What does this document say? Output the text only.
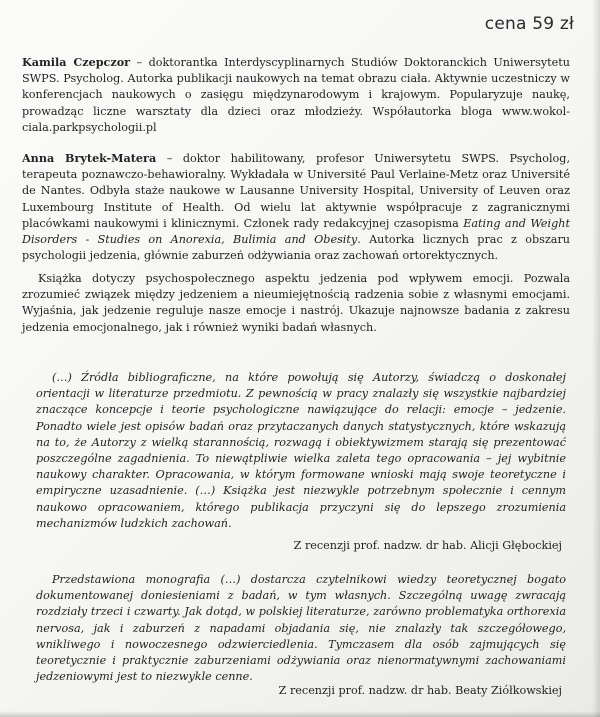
cena 59 zł

Kamila Czepczor – doktorantka Interdyscyplinarnych Studiów Doktoranckich Uniwersytetu SWPS. Psycholog. Autorka publikacji naukowych na temat obrazu ciała. Aktywnie uczestniczy w konferencjach naukowych o zasięgu międzynarodowym i krajowym. Popularyzuje naukę, prowadząc liczne warsztaty dla dzieci oraz młodzieży. Współautorka bloga www.wokol-ciala.parkpsychologii.pl

Anna Brytek-Matera – doktor habilitowany, profesor Uniwersytetu SWPS. Psycholog, terapeuta poznawczo-behawioralny. Wykładała w Université Paul Verlaine-Metz oraz Université de Nantes. Odbyła staże naukowe w Lausanne University Hospital, University of Leuven oraz Luxembourg Institute of Health. Od wielu lat aktywnie współpracuje z zagranicznymi placówkami naukowymi i klinicznymi. Członek rady redakcyjnej czasopisma Eating and Weight Disorders - Studies on Anorexia, Bulimia and Obesity. Autorka licznych prac z obszaru psychologii jedzenia, głównie zaburzeń odżywiania oraz zachowań ortorektycznych.

Książka dotyczy psychospołecznego aspektu jedzenia pod wpływem emocji. Pozwala zrozumieć związek między jedzeniem a nieumiejętnością radzenia sobie z własnymi emocjami. Wyjaśnia, jak jedzenie reguluje nasze emocje i nastrój. Ukazuje najnowsze badania z zakresu jedzenia emocjonalnego, jak i również wyniki badań własnych.

(…) Źródła bibliograficzne, na które powołują się Autorzy, świadczą o doskonałej orientacji w literaturze przedmiotu. Z pewnością w pracy znalazły się wszystkie najbardziej znaczące koncepcje i teorie psychologiczne nawiązujące do relacji: emocje – jedzenie. Ponadto wiele jest opisów badań oraz przytaczanych danych statystycznych, które wskazują na to, że Autorzy z wielką starannością, rozwagą i obiektywizmem starają się prezentować poszczególne zagadnienia. To niewątpliwie wielka zaleta tego opracowania – jej wybitnie naukowy charakter. Opracowania, w którym formowane wnioski mają swoje teoretyczne i empiryczne uzasadnienie. (…) Książka jest niezwykle potrzebnym społecznie i cennym naukowo opracowaniem, którego publikacja przyczyni się do lepszego zrozumienia mechanizmów ludzkich zachowań.

Z recenzji prof. nadzw. dr hab. Alicji Głębockiej

Przedstawiona monografia (…) dostarcza czytelnikowi wiedzy teoretycznej bogato dokumentowanej doniesieniami z badań, w tym własnych. Szczególną uwagę zwracają rozdziały trzeci i czwarty. Jak dotąd, w polskiej literaturze, zarówno problematyka orthorexia nervosa, jak i zaburzeń z napadami objadania się, nie znalazły tak szczegółowego, wnikliwego i nowoczesnego odzwierciedlenia. Tymczasem dla osób zajmujących się teoretycznie i praktycznie zaburzeniami odżywiania oraz nienormatywnymi zachowaniami jedzeniowymi jest to niezwykle cenne.

Z recenzji prof. nadzw. dr hab. Beaty Ziółkowskiej
